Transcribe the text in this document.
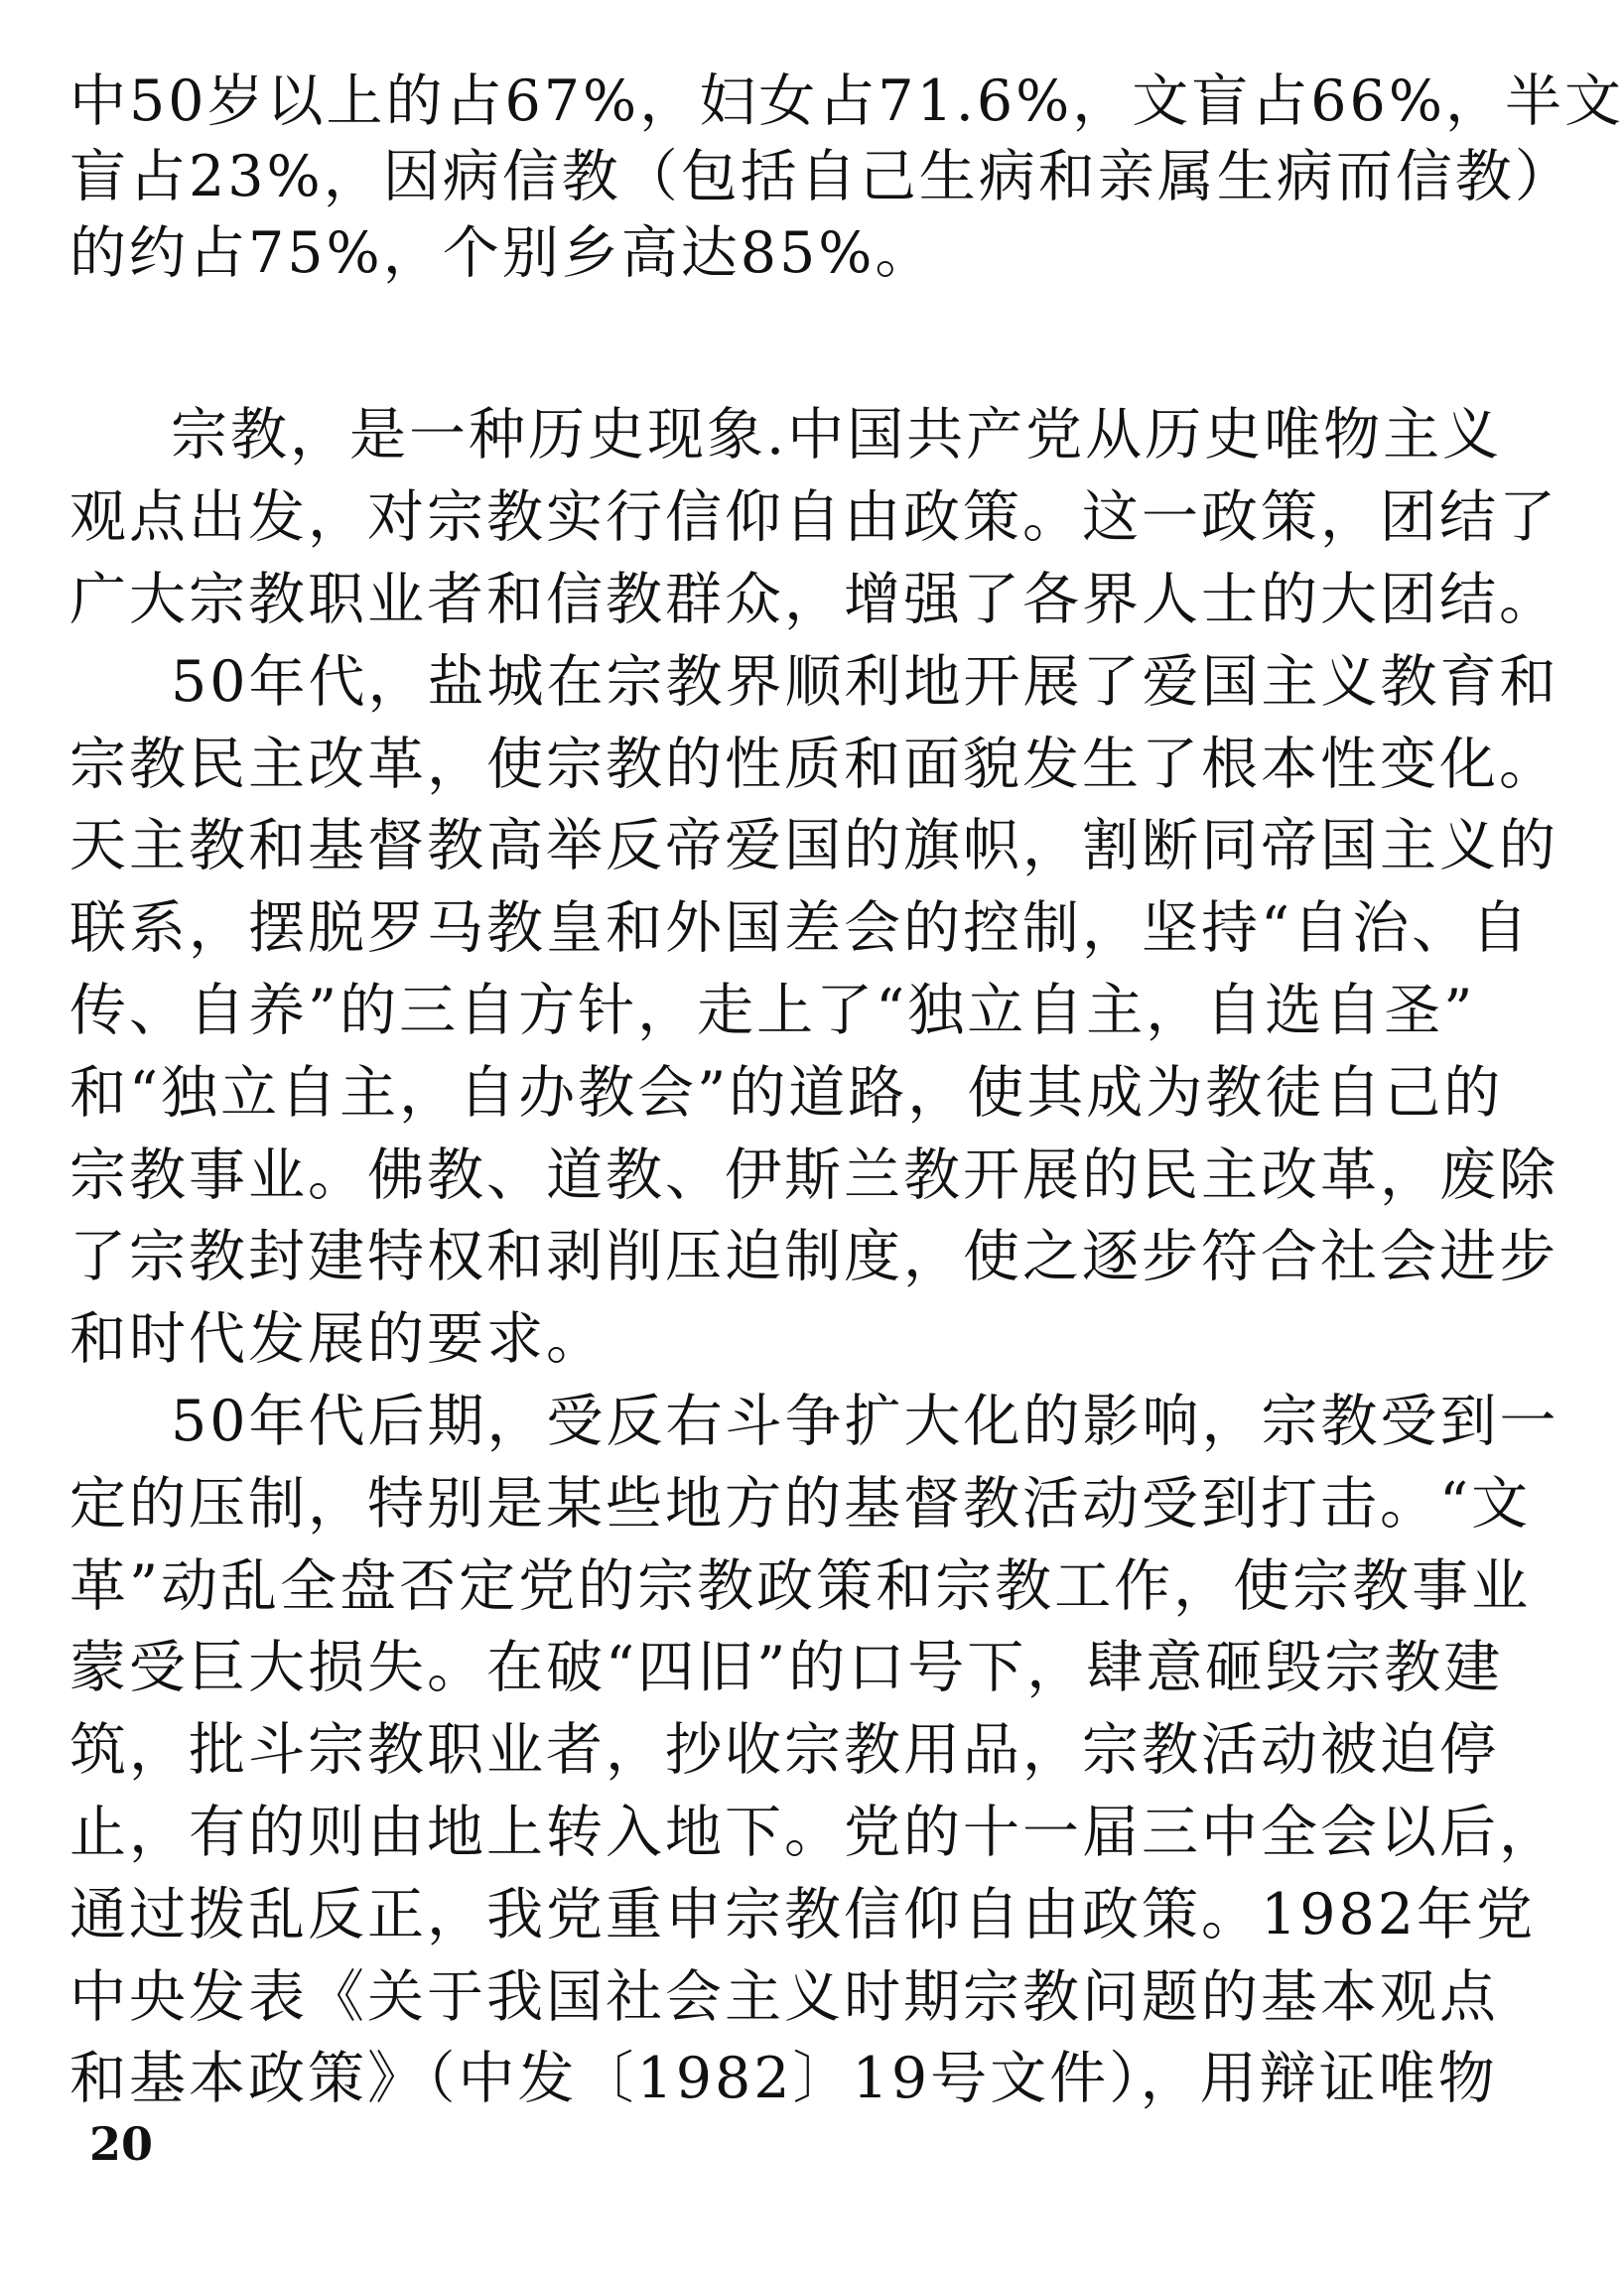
中50岁以上的占67%，妇女占71.6%，文盲占66%，半文
盲占23%，因病信教（包括自己生病和亲属生病而信教）
的约占75%，个别乡高达85%。
宗教，是一种历史现象.中国共产党从历史唯物主义
观点出发，对宗教实行信仰自由政策。这一政策，团结了
广大宗教职业者和信教群众，增强了各界人士的大团结。
50年代，盐城在宗教界顺利地开展了爱国主义教育和
宗教民主改革，使宗教的性质和面貌发生了根本性变化。
天主教和基督教高举反帝爱国的旗帜，割断同帝国主义的
联系，摆脱罗马教皇和外国差会的控制，坚持“自治、自
传、自养”的三自方针，走上了“独立自主，自选自圣”
和“独立自主，自办教会”的道路，使其成为教徒自己的
宗教事业。佛教、道教、伊斯兰教开展的民主改革，废除
了宗教封建特权和剥削压迫制度，使之逐步符合社会进步
和时代发展的要求。
50年代后期，受反右斗争扩大化的影响，宗教受到一
定的压制，特别是某些地方的基督教活动受到打击。“文
革”动乱全盘否定党的宗教政策和宗教工作，使宗教事业
蒙受巨大损失。在破“四旧”的口号下，肆意砸毁宗教建
筑，批斗宗教职业者，抄收宗教用品，宗教活动被迫停
止，有的则由地上转入地下。党的十一届三中全会以后，
通过拨乱反正，我党重申宗教信仰自由政策。1982年党
中央发表《关于我国社会主义时期宗教问题的基本观点
和基本政策》（中发〔1982〕19号文件），用辩证唯物
20
